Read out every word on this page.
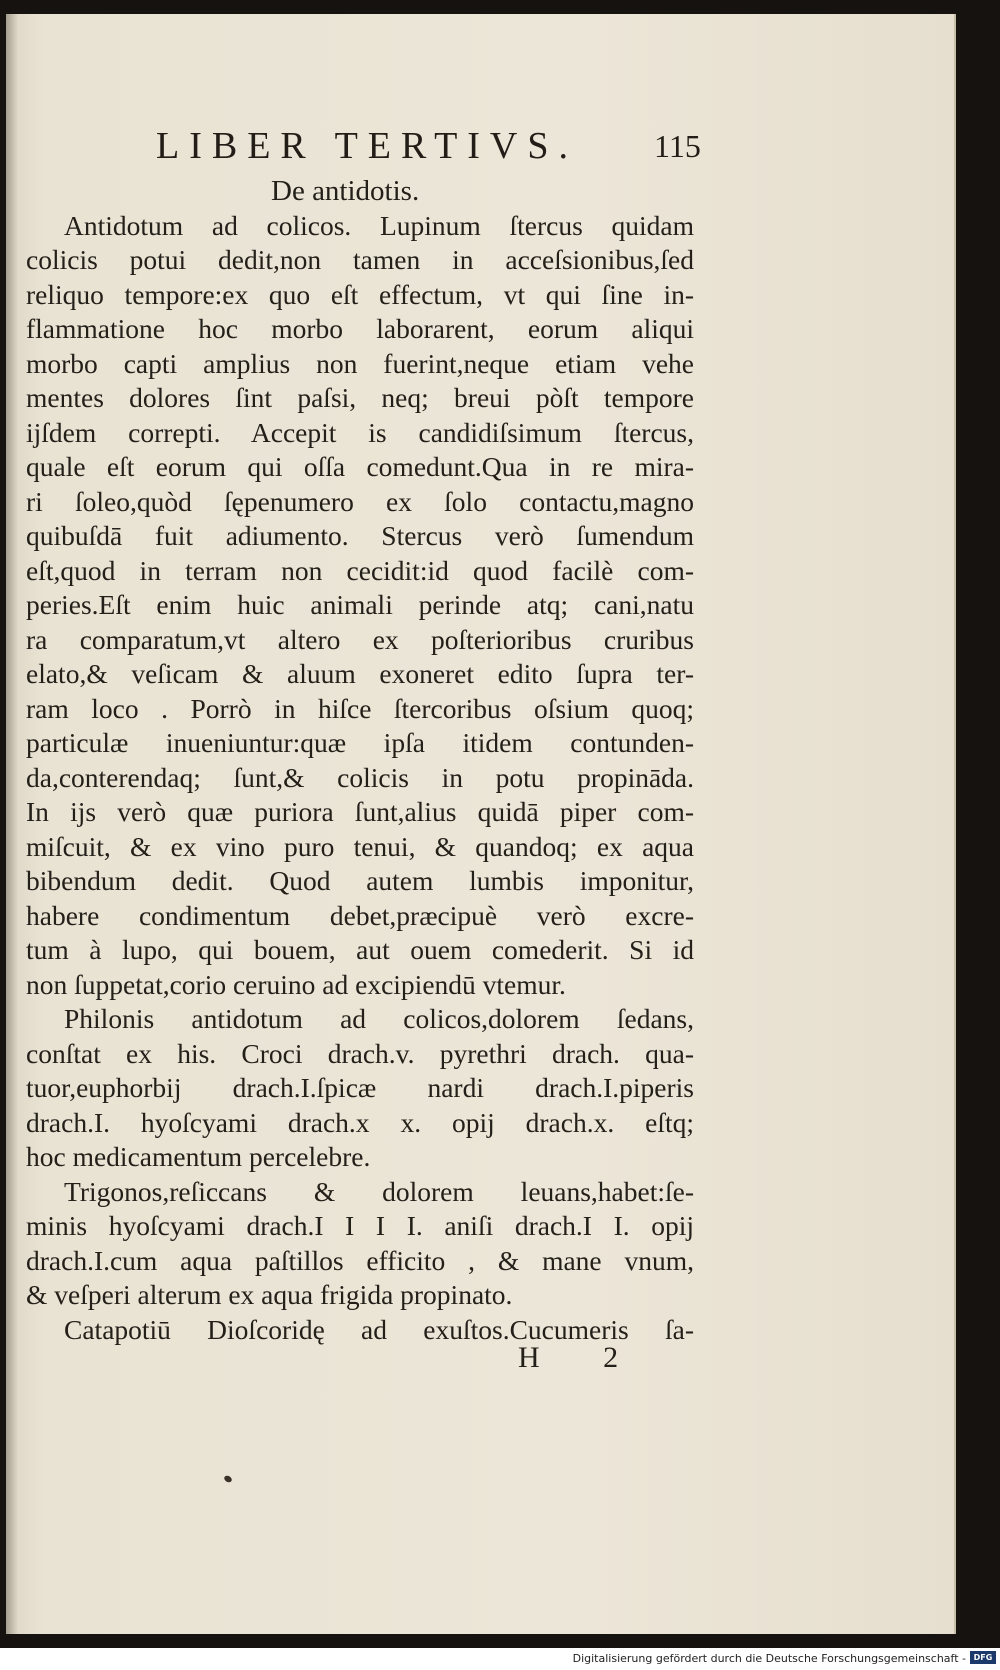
LIBER TERTIVS. 115
De antidotis.
Antidotum ad colicos. Lupinum ſtercus quidam
colicis potui dedit,non tamen in acceſsionibus,ſed
reliquo tempore:ex quo eſt effectum, vt qui ſine in-
flammatione hoc morbo laborarent, eorum aliqui
morbo capti amplius non fuerint,neque etiam vehe
mentes dolores ſint paſsi, neq; breui pòſt tempore
ijſdem correpti. Accepit is candidiſsimum ſtercus,
quale eſt eorum qui oſſa comedunt.Qua in re mira-
ri ſoleo,quòd ſępenumero ex ſolo contactu,magno
quibuſdā fuit adiumento. Stercus verò ſumendum
eſt,quod in terram non cecidit:id quod facilè com-
peries.Eſt enim huic animali perinde atq; cani,natu
ra comparatum,vt altero ex poſterioribus cruribus
elato,& veſicam & aluum exoneret edito ſupra ter-
ram loco . Porrò in hiſce ſtercoribus oſsium quoq;
particulæ inueniuntur:quæ ipſa itidem contunden-
da,conterendaq; ſunt,& colicis in potu propināda.
In ijs verò quæ puriora ſunt,alius quidā piper com-
miſcuit, & ex vino puro tenui, & quandoq; ex aqua
bibendum dedit. Quod autem lumbis imponitur,
habere condimentum debet,præcipuè verò excre-
tum à lupo, qui bouem, aut ouem comederit. Si id
non ſuppetat,corio ceruino ad excipiendū vtemur.
Philonis antidotum ad colicos,dolorem ſedans,
conſtat ex his. Croci drach.v. pyrethri drach. qua-
tuor,euphorbij drach.I.ſpicæ nardi drach.I.piperis
drach.I. hyoſcyami drach.x x. opij drach.x. eſtq;
hoc medicamentum percelebre.
Trigonos,reſiccans & dolorem leuans,habet:ſe-
minis hyoſcyami drach.I I I I. aniſi drach.I I. opij
drach.I.cum aqua paſtillos efficito , & mane vnum,
& veſperi alterum ex aqua frigida propinato.
Catapotiū Dioſcoridę ad exuſtos.Cucumeris ſa-
H 2
Digitalisierung gefördert durch die Deutsche Forschungsgemeinschaft - DFG
